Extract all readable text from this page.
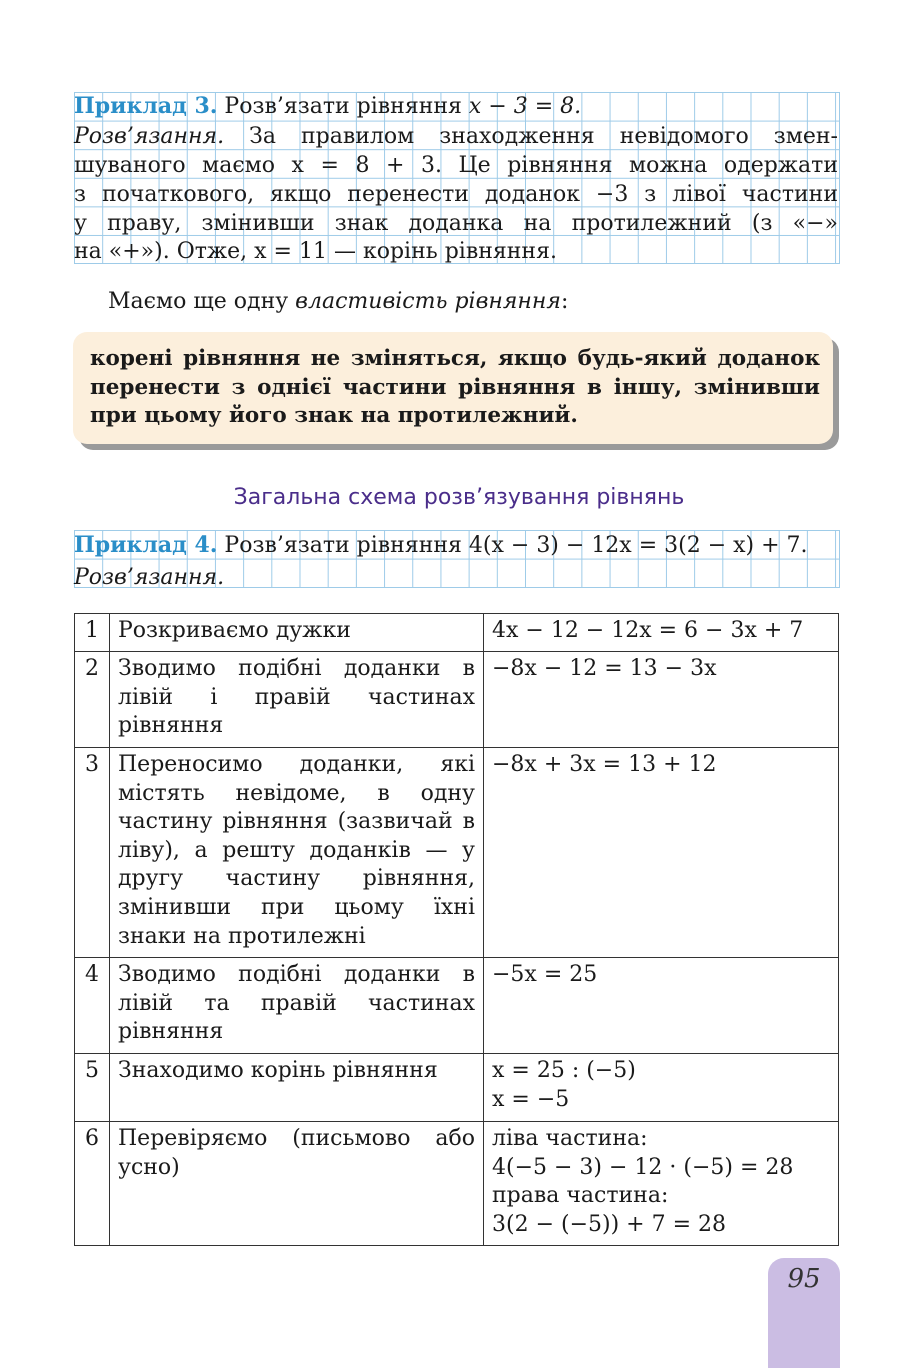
Приклад 3. Розв’язати рівняння x − 3 = 8.
Розв’язання. За правилом знаходження невідомого змен-
шуваного маємо x = 8 + 3. Це рівняння можна одержати
з початкового, якщо перенести доданок −3 з лівої частини
у праву, змінивши знак доданка на протилежний (з «−»
на «+»). Отже, x = 11 — корінь рівняння.
Маємо ще одну властивість рівняння:
корені рівняння не зміняться, якщо будь-який доданок перенести з однієї частини рівняння в іншу, змінивши при цьому його знак на протилежний.
Загальна схема розв’язування рівнянь
Приклад 4. Розв’язати рівняння 4(x − 3) − 12x = 3(2 − x) + 7.
Розв’язання.
1	Розкриваємо дужки	4x − 12 − 12x = 6 − 3x + 7

2	Зводимо подібні доданки в лівій і правій частинах рівняння	−8x − 12 = 13 − 3x

3	Переносимо доданки, які містять невідоме, в одну частину рівняння (зазвичай в ліву), а решту доданків — у другу частину рівняння, змінивши при цьому їхні знаки на протилежні	−8x + 3x = 13 + 12

4	Зводимо подібні доданки в лівій та правій частинах рівняння	−5x = 25

5	Знаходимо корінь рівняння	x = 25 : (−5)
x = −5

6	Перевіряємо (письмово або усно)	ліва частина:
4(−5 − 3) − 12 · (−5) = 28
права частина:
3(2 − (−5)) + 7 = 28
95
